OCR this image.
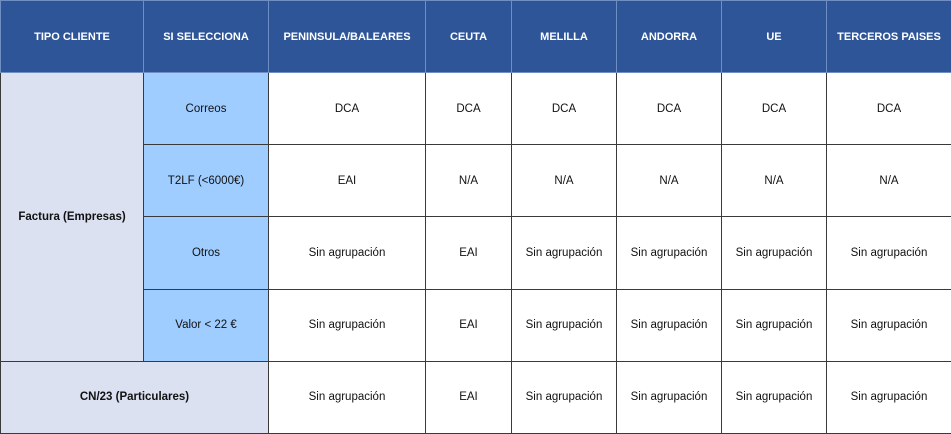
TIPO CLIENTE	SI SELECCIONA	PENINSULA/BALEARES	CEUTA	MELILLA	ANDORRA	UE	TERCEROS PAISES
Factura (Empresas)	Correos	DCA	DCA	DCA	DCA	DCA	DCA
	T2LF (<6000€)	EAI	N/A	N/A	N/A	N/A	N/A
	Otros	Sin agrupación	EAI	Sin agrupación	Sin agrupación	Sin agrupación	Sin agrupación
	Valor < 22 €	Sin agrupación	EAI	Sin agrupación	Sin agrupación	Sin agrupación	Sin agrupación
CN/23 (Particulares)		Sin agrupación	EAI	Sin agrupación	Sin agrupación	Sin agrupación	Sin agrupación
